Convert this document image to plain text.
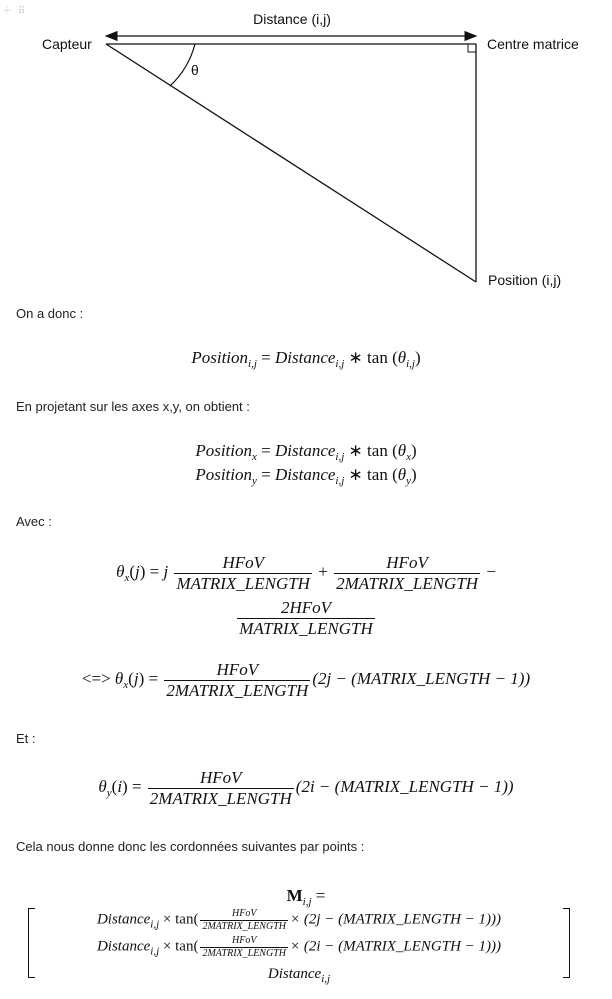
＋ ⠿	Distance (i,j)
θ
Capteur	Centre matrice
Position (i,j)
On a donc :
Position$_{i,j}$ = Distance$_{i,j}$ ∗ $\tan (\theta_{i,j})$
En projetant sur les axes x,y, on obtient :
Position$_x$ = Distance$_{i,j}$ ∗ $\tan (\theta_x)$
Position$_y$ = Distance$_{i,j}$ ∗ $\tan (\theta_y)$
Avec :
$\theta_x(j) = j \frac{\text{HFoV}}{\text{MATRIX\_LENGTH}} + \frac{\text{HFoV}}{\text{2MATRIX\_LENGTH}}$ −
$\frac{\text{2HFoV}}{\text{MATRIX\_LENGTH}}$
<=> $\theta_x(j) = \frac{\text{HFoV}}{\text{2MATRIX\_LENGTH}} (2j$ − (MATRIX_LENGTH − 1))
Et :
$\theta_y(i) = \frac{\text{HFoV}}{\text{2MATRIX\_LENGTH}} (2i$ − (MATRIX_LENGTH − 1))
Cela nous donne donc les cordonnées suivantes par points :
$M_{i,j}$ =
Distance$_{i,j}$ × $\tan( \frac{\text{HFoV}}{\text{2MATRIX\_LENGTH}} \times (2j$ − (MATRIX_LENGTH − 1)))
Distance$_{i,j}$ × $\tan( \frac{\text{HFoV}}{\text{2MATRIX\_LENGTH}} \times (2i$ − (MATRIX_LENGTH − 1)))
Distance$_{i,j}$
